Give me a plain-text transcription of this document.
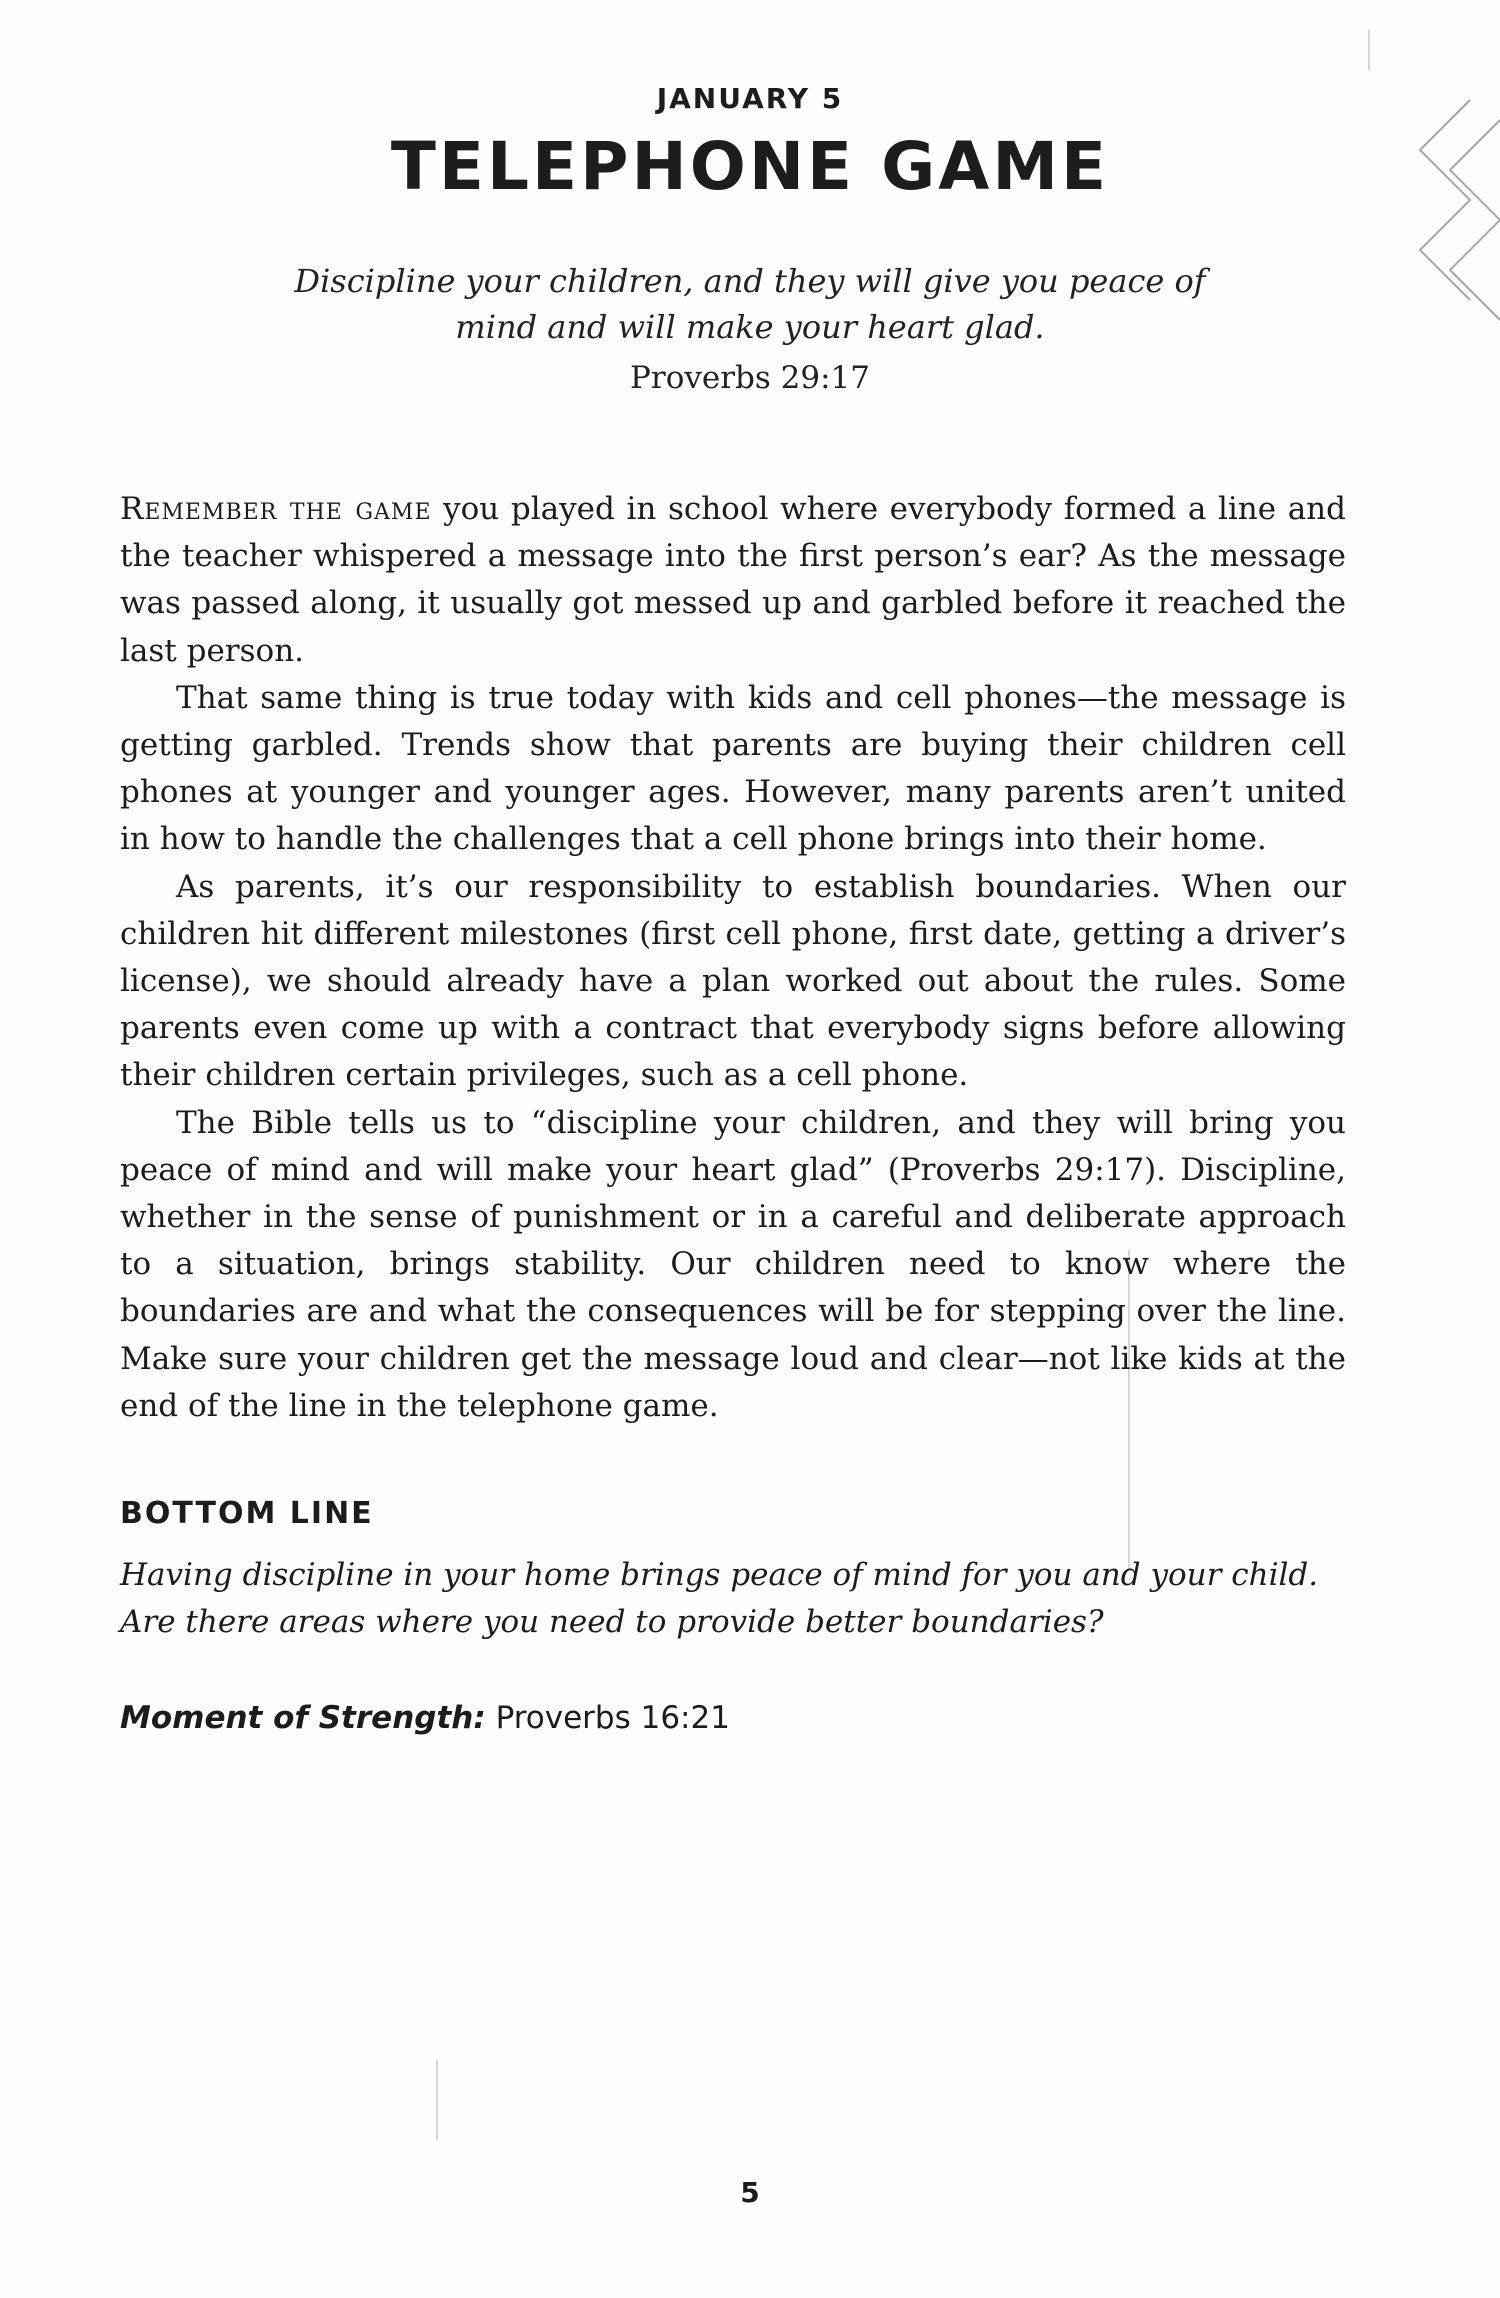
JANUARY 5
TELEPHONE GAME
Discipline your children, and they will give you peace of
mind and will make your heart glad.
Proverbs 29:17

Remember the game you played in school where everybody formed a line and the teacher whispered a message into the first person’s ear? As the message was passed along, it usually got messed up and garbled before it reached the last person.

That same thing is true today with kids and cell phones—the message is getting garbled. Trends show that parents are buying their children cell phones at younger and younger ages. However, many parents aren’t united in how to handle the challenges that a cell phone brings into their home.

As parents, it’s our responsibility to establish boundaries. When our children hit different milestones (first cell phone, first date, getting a driver’s license), we should already have a plan worked out about the rules. Some parents even come up with a contract that everybody signs before allowing their children certain privileges, such as a cell phone.

The Bible tells us to “discipline your children, and they will bring you peace of mind and will make your heart glad” (Proverbs 29:17). Discipline, whether in the sense of punishment or in a careful and deliberate approach to a situation, brings stability. Our children need to know where the boundaries are and what the consequences will be for stepping over the line. Make sure your children get the message loud and clear—not like kids at the end of the line in the telephone game.

BOTTOM LINE
Having discipline in your home brings peace of mind for you and your child.
Are there areas where you need to provide better boundaries?
Moment of Strength: Proverbs 16:21
5
